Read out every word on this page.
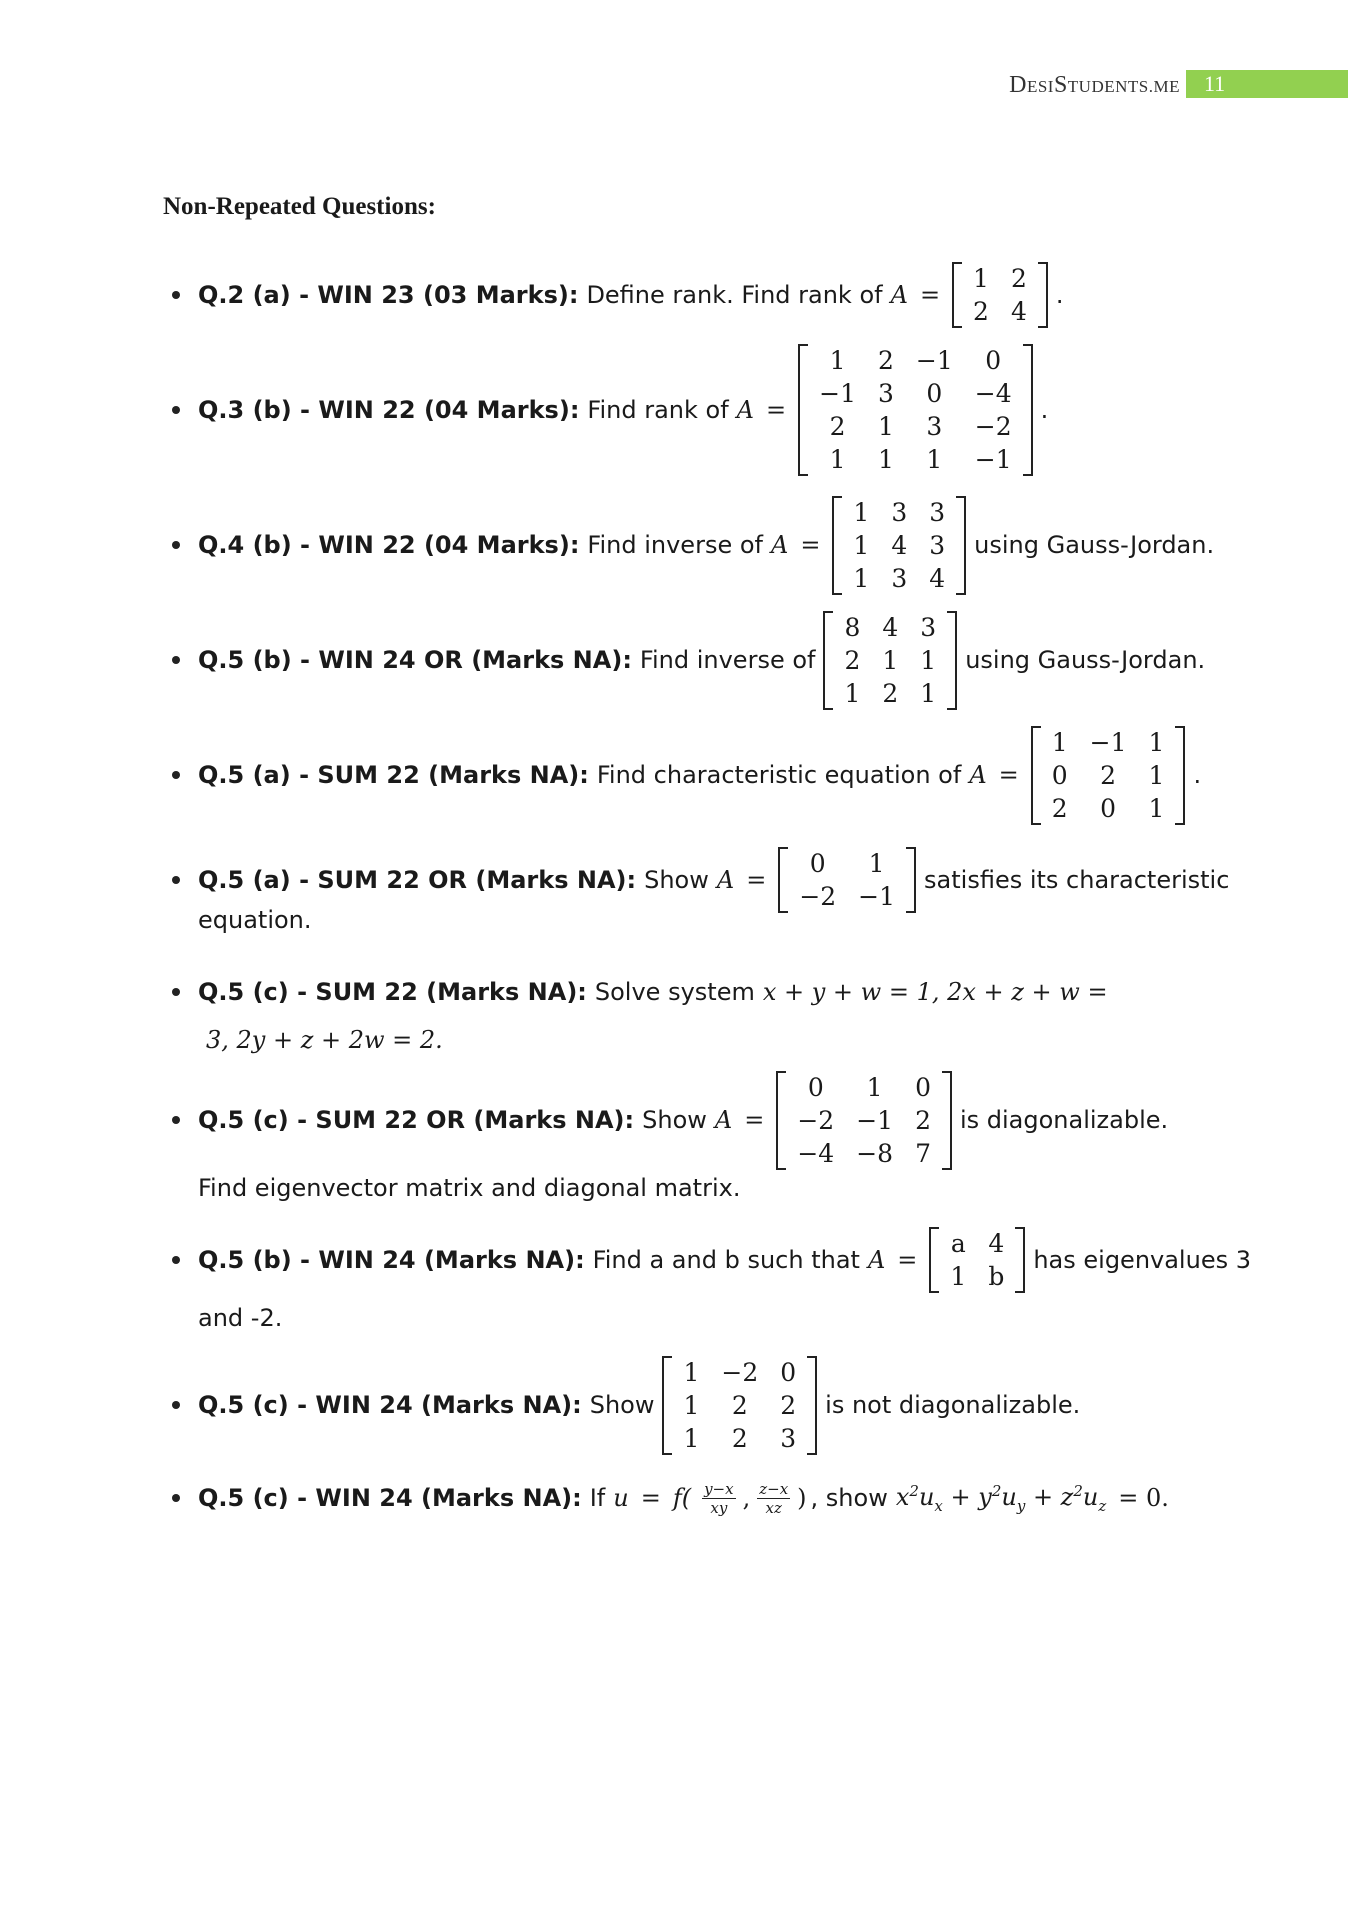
DESISTUDENTS.ME	11
Non-Repeated Questions:
Q.2 (a) - WIN 23 (03 Marks): Define rank. Find rank of A =
1	2
2	4
.
Q.3 (b) - WIN 22 (04 Marks): Find rank of A =
1	2	−1	0
−1	3	0	−4
2	1	3	−2
1	1	1	−1
.
Q.4 (b) - WIN 22 (04 Marks): Find inverse of A =
1	3	3
1	4	3
1	3	4
using Gauss-Jordan.
Q.5 (b) - WIN 24 OR (Marks NA): Find inverse of
8	4	3
2	1	1
1	2	1
using Gauss-Jordan.
Q.5 (a) - SUM 22 (Marks NA): Find characteristic equation of A =
1	−1	1
0	2	1
2	0	1
.
Q.5 (a) - SUM 22 OR (Marks NA): Show A =
0	1
−2	−1
satisfies its characteristic
equation.
Q.5 (c) - SUM 22 (Marks NA): Solve system x + y + w = 1, 2x + z + w =
3, 2y + z + 2w = 2.
Q.5 (c) - SUM 22 OR (Marks NA): Show A =
0	1	0
−2	−1	2
−4	−8	7
is diagonalizable.
Find eigenvector matrix and diagonal matrix.
Q.5 (b) - WIN 24 (Marks NA): Find a and b such that A =
a	4
1	b
has eigenvalues 3
and -2.
Q.5 (c) - WIN 24 (Marks NA): Show
1	−2	0
1	2	2
1	2	3
is not diagonalizable.
Q.5 (c) - WIN 24 (Marks NA): If $u = f( \frac{y-x}{xy}$ , $\frac{z-x}{xz}$ ) , show $x^2u_x + y^2u_y + z^2u_z = 0$.
